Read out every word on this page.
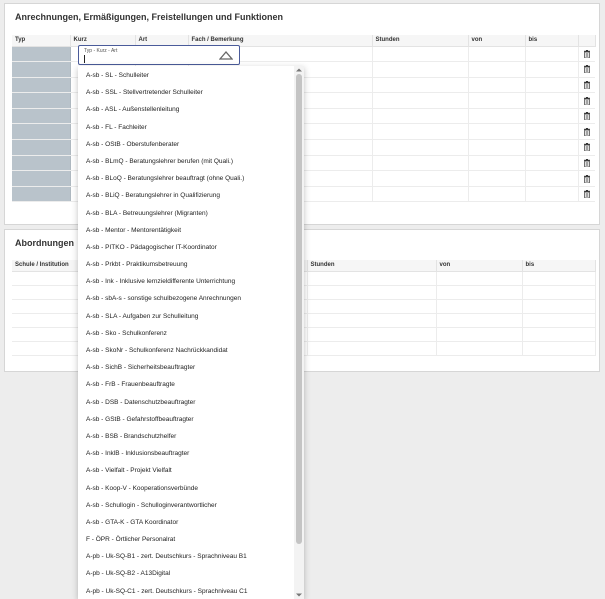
Anrechnungen, Ermäßigungen, Freistellungen und Funktionen
Typ	Kurz	Art	Fach / Bemerkung	Stunden	von	bis	

Abordnungen
Schule / Institution		Stunden	von	bis

Typ - Kurz - Art
A-sb - SL - Schulleiter
A-sb - SSL - Stellvertretender Schulleiter
A-sb - ASL - Außenstellenleitung
A-sb - FL - Fachleiter
A-sb - OStB - Oberstufenberater
A-sb - BLmQ - Beratungslehrer berufen (mit Quali.)
A-sb - BLoQ - Beratungslehrer beauftragt (ohne Quali.)
A-sb - BLiQ - Beratungslehrer in Qualifizierung
A-sb - BLA - Betreuungslehrer (Migranten)
A-sb - Mentor - Mentorentätigkeit
A-sb - PITKO - Pädagogischer IT-Koordinator
A-sb - Prkbt - Praktikumsbetreuung
A-sb - Ink - Inklusive lernzieldifferente Unterrichtung
A-sb - sbA-s - sonstige schulbezogene Anrechnungen
A-sb - SLA - Aufgaben zur Schulleitung
A-sb - Sko - Schulkonferenz
A-sb - SkoNr - Schulkonferenz Nachrückkandidat
A-sb - SichB - Sicherheitsbeauftragter
A-sb - FrB - Frauenbeauftragte
A-sb - DSB - Datenschutzbeauftragter
A-sb - GStB - Gefahrstoffbeauftragter
A-sb - BSB - Brandschutzhelfer
A-sb - InklB - Inklusionsbeauftragter
A-sb - Vielfalt - Projekt Vielfalt
A-sb - Koop-V - Kooperationsverbünde
A-sb - Schullogin - Schulloginverantwortlicher
A-sb - GTA-K - GTA Koordinator
F - ÖPR - Örtlicher Personalrat
A-pb - Uk-SQ-B1 - zert. Deutschkurs - Sprachniveau B1
A-pb - Uk-SQ-B2 - A13Digital
A-pb - Uk-SQ-C1 - zert. Deutschkurs - Sprachniveau C1
